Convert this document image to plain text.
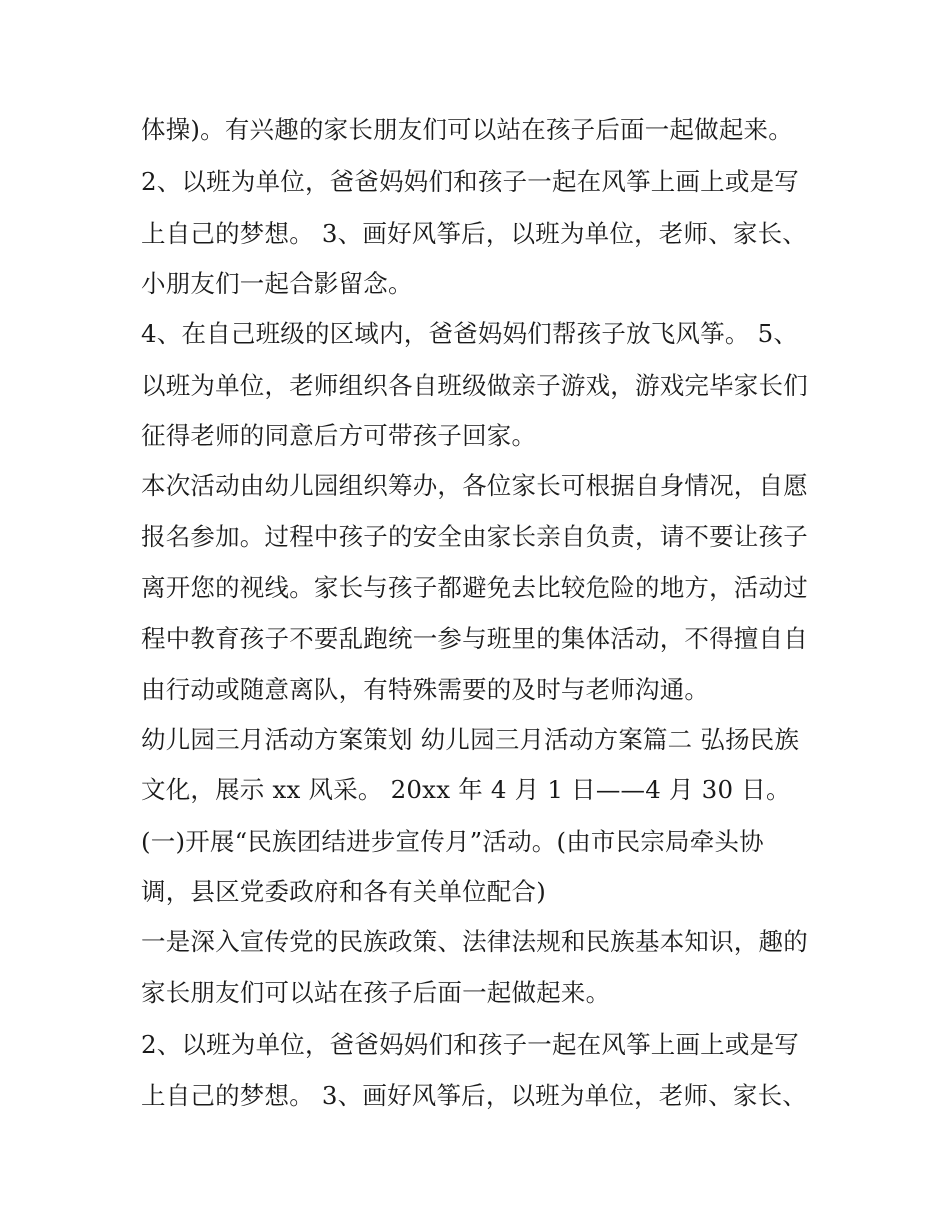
体操)。有兴趣的家长朋友们可以站在孩子后面一起做起来。
2、以班为单位，爸爸妈妈们和孩子一起在风筝上画上或是写
上自己的梦想。 3、画好风筝后，以班为单位，老师、家长、
小朋友们一起合影留念。
4、在自己班级的区域内，爸爸妈妈们帮孩子放飞风筝。 5、
以班为单位，老师组织各自班级做亲子游戏，游戏完毕家长们
征得老师的同意后方可带孩子回家。
本次活动由幼儿园组织筹办，各位家长可根据自身情况，自愿
报名参加。过程中孩子的安全由家长亲自负责，请不要让孩子
离开您的视线。家长与孩子都避免去比较危险的地方，活动过
程中教育孩子不要乱跑统一参与班里的集体活动，不得擅自自
由行动或随意离队，有特殊需要的及时与老师沟通。
幼儿园三月活动方案策划 幼儿园三月活动方案篇二 弘扬民族
文化，展示 xx 风采。 20xx 年 4 月 1 日——4 月 30 日。
(一)开展“民族团结进步宣传月”活动。(由市民宗局牵头协
调，县区党委政府和各有关单位配合)
一是深入宣传党的民族政策、法律法规和民族基本知识，趣的
家长朋友们可以站在孩子后面一起做起来。
2、以班为单位，爸爸妈妈们和孩子一起在风筝上画上或是写
上自己的梦想。 3、画好风筝后，以班为单位，老师、家长、
